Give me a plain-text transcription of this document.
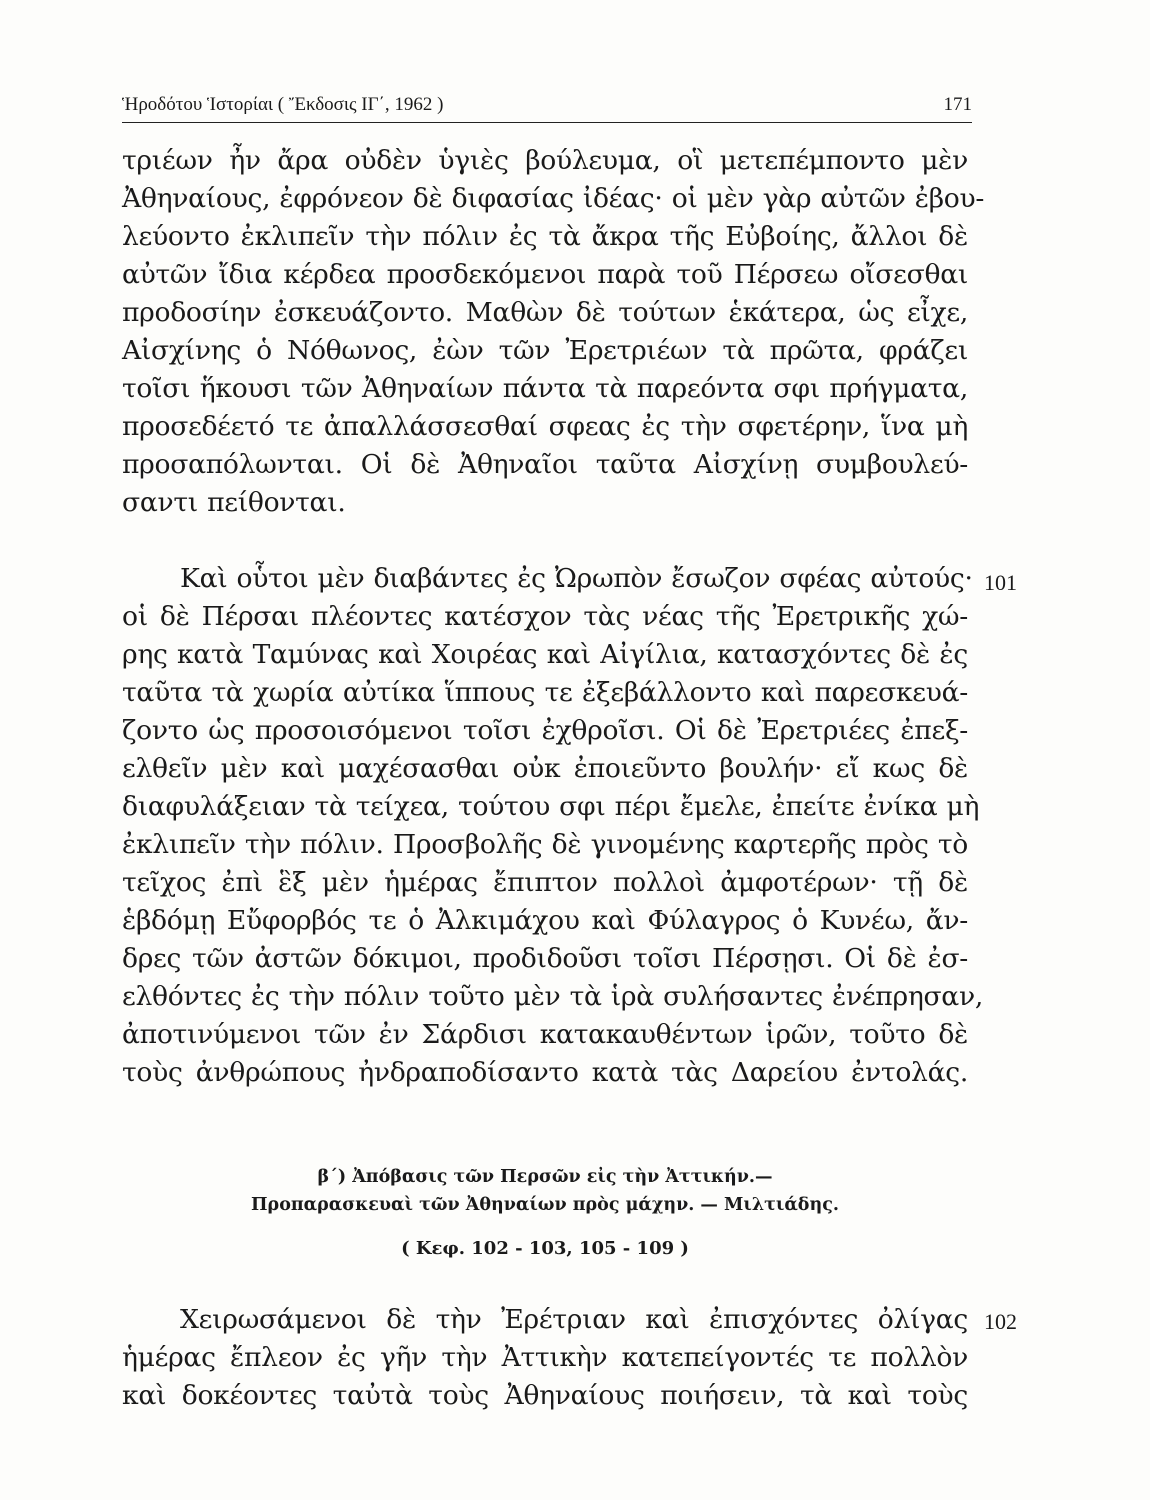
Ἡροδότου Ἱστορίαι ( Ἔκδοσις ΙΓ΄, 1962 )	171
τριέων ἦν ἄρα οὐδὲν ὑγιὲς βούλευμα, οἳ μετεπέμποντο μὲν
Ἀθηναίους, ἐφρόνεον δὲ διφασίας ἰδέας· οἱ μὲν γὰρ αὐτῶν ἐβου-
λεύοντο ἐκλιπεῖν τὴν πόλιν ἐς τὰ ἄκρα τῆς Εὐβοίης, ἄλλοι δὲ
αὐτῶν ἴδια κέρδεα προσδεκόμενοι παρὰ τοῦ Πέρσεω οἴσεσθαι
προδοσίην ἐσκευάζοντο. Μαθὼν δὲ τούτων ἑκάτερα, ὡς εἶχε,
Αἰσχίνης ὁ Νόθωνος, ἐὼν τῶν Ἐρετριέων τὰ πρῶτα, φράζει
τοῖσι ἥκουσι τῶν Ἀθηναίων πάντα τὰ παρεόντα σφι πρήγματα,
προσεδέετό τε ἀπαλλάσσεσθαί σφεας ἐς τὴν σφετέρην, ἵνα μὴ
προσαπόλωνται. Οἱ δὲ Ἀθηναῖοι ταῦτα Αἰσχίνῃ συμβουλεύ-
σαντι πείθονται.
Καὶ οὗτοι μὲν διαβάντες ἐς Ὠρωπὸν ἔσωζον σφέας αὐτούς·
οἱ δὲ Πέρσαι πλέοντες κατέσχον τὰς νέας τῆς Ἐρετρικῆς χώ-
ρης κατὰ Ταμύνας καὶ Χοιρέας καὶ Αἰγίλια, κατασχόντες δὲ ἐς
ταῦτα τὰ χωρία αὐτίκα ἵππους τε ἐξεβάλλοντο καὶ παρεσκευά-
ζοντο ὡς προσοισόμενοι τοῖσι ἐχθροῖσι. Οἱ δὲ Ἐρετριέες ἐπεξ-
ελθεῖν μὲν καὶ μαχέσασθαι οὐκ ἐποιεῦντο βουλήν· εἴ κως δὲ
διαφυλάξειαν τὰ τείχεα, τούτου σφι πέρι ἔμελε, ἐπείτε ἐνίκα μὴ
ἐκλιπεῖν τὴν πόλιν. Προσβολῆς δὲ γινομένης καρτερῆς πρὸς τὸ
τεῖχος ἐπὶ ἓξ μὲν ἡμέρας ἔπιπτον πολλοὶ ἀμφοτέρων· τῇ δὲ
ἑβδόμῃ Εὔφορβός τε ὁ Ἀλκιμάχου καὶ Φύλαγρος ὁ Κυνέω, ἄν-
δρες τῶν ἀστῶν δόκιμοι, προδιδοῦσι τοῖσι Πέρσῃσι. Οἱ δὲ ἐσ-
ελθόντες ἐς τὴν πόλιν τοῦτο μὲν τὰ ἱρὰ συλήσαντες ἐνέπρησαν,
ἀποτινύμενοι τῶν ἐν Σάρδισι κατακαυθέντων ἱρῶν, τοῦτο δὲ
τοὺς ἀνθρώπους ἠνδραποδίσαντο κατὰ τὰς Δαρείου ἐντολάς.
101
β΄) Ἀπόβασις τῶν Περσῶν εἰς τὴν Ἀττικήν.—
Προπαρασκευαὶ τῶν Ἀθηναίων πρὸς μάχην. — Μιλτιάδης.
( Κεφ. 102 - 103, 105 - 109 )
Χειρωσάμενοι δὲ τὴν Ἐρέτριαν καὶ ἐπισχόντες ὀλίγας
ἡμέρας ἔπλεον ἐς γῆν τὴν Ἀττικὴν κατεπείγοντές τε πολλὸν
καὶ δοκέοντες ταὐτὰ τοὺς Ἀθηναίους ποιήσειν, τὰ καὶ τοὺς
102
